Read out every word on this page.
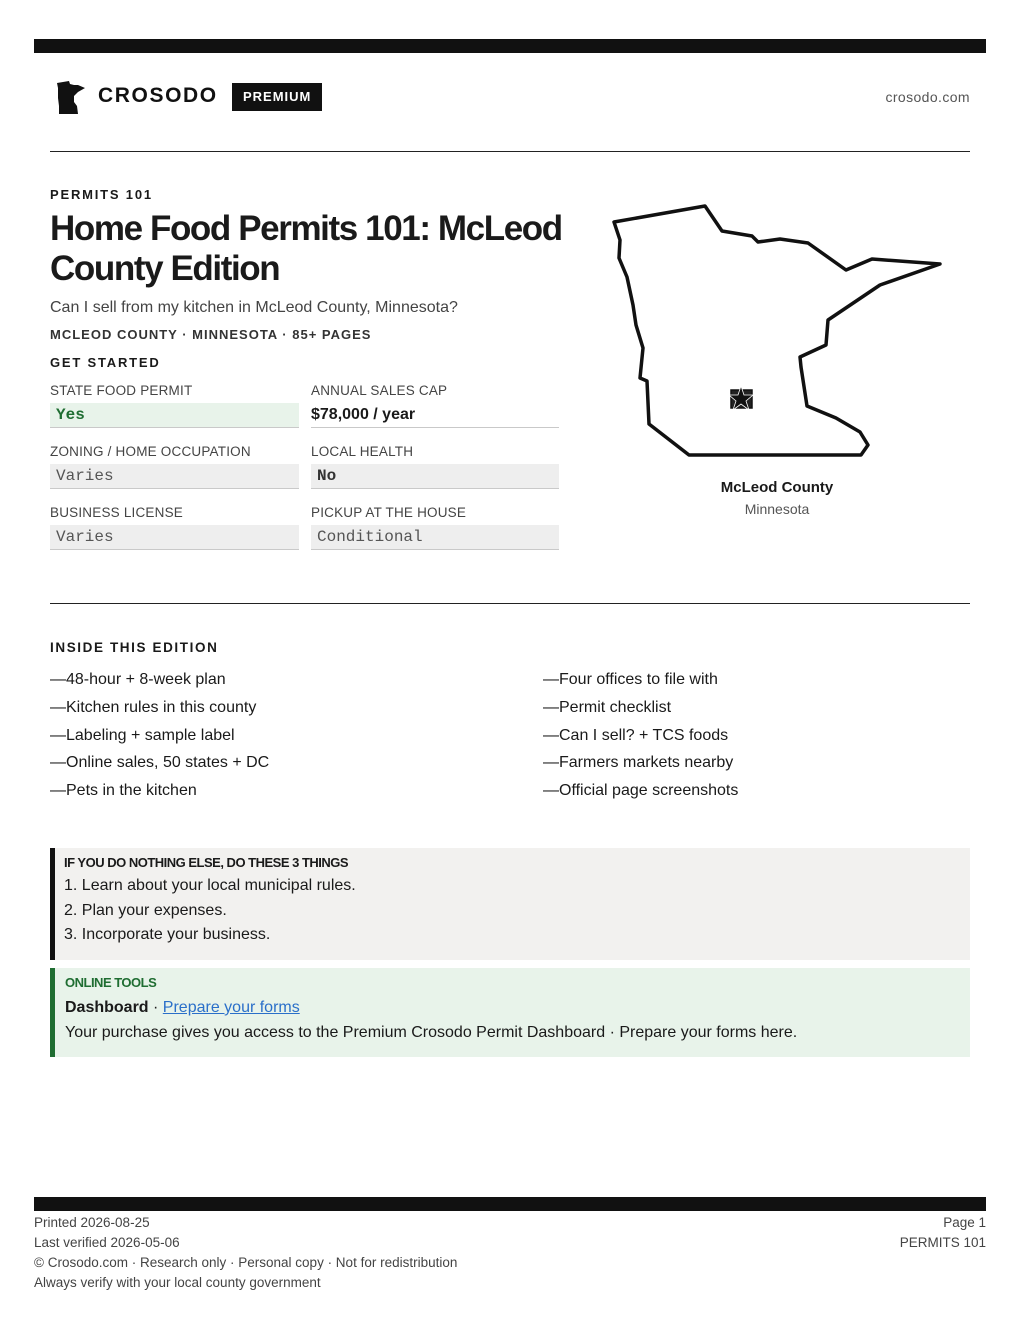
CROSODO	PREMIUM	crosodo.com
PERMITS 101
Home Food Permits 101: McLeod County Edition
Can I sell from my kitchen in McLeod County, Minnesota?
MCLEOD COUNTY · MINNESOTA · 85+ PAGES
GET STARTED
STATE FOOD PERMIT
Yes
ANNUAL SALES CAP
$78,000 / year
ZONING / HOME OCCUPATION
Varies
LOCAL HEALTH
No
BUSINESS LICENSE
Varies
PICKUP AT THE HOUSE
Conditional
McLeod County
Minnesota
INSIDE THIS EDITION
—48-hour + 8-week plan
—Kitchen rules in this county
—Labeling + sample label
—Online sales, 50 states + DC
—Pets in the kitchen
—Four offices to file with
—Permit checklist
—Can I sell? + TCS foods
—Farmers markets nearby
—Official page screenshots
IF YOU DO NOTHING ELSE, DO THESE 3 THINGS
1. Learn about your local municipal rules.
2. Plan your expenses.
3. Incorporate your business.
ONLINE TOOLS
Dashboard · Prepare your forms
Your purchase gives you access to the Premium Crosodo Permit Dashboard · Prepare your forms here.
Printed 2026-08-25
Last verified 2026-05-06
© Crosodo.com · Research only · Personal copy · Not for redistribution
Always verify with your local county government
Page 1
PERMITS 101
